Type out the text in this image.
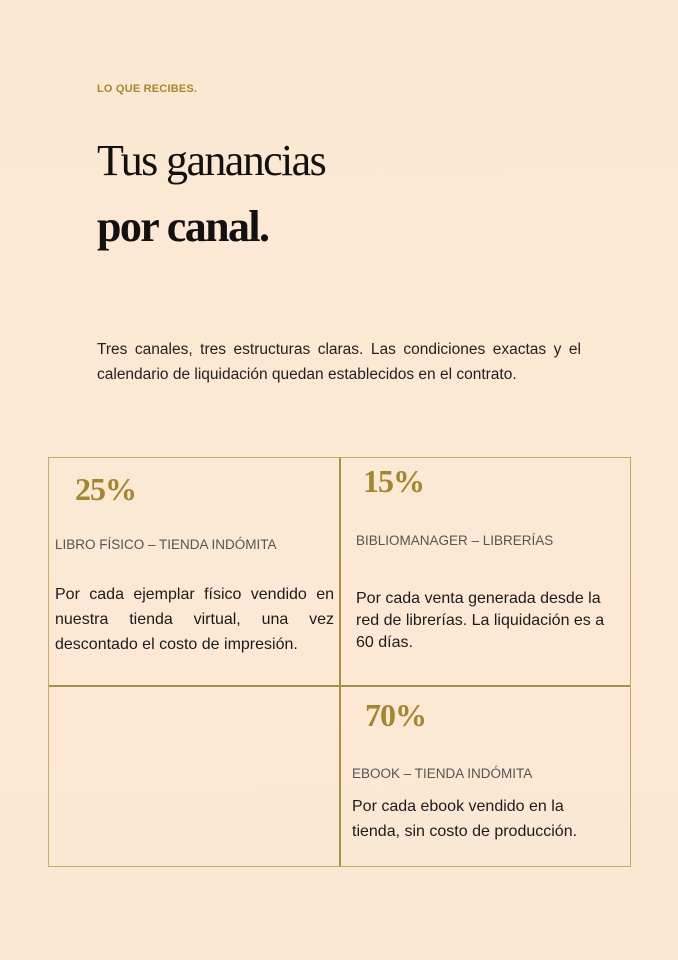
LO QUE RECIBES.
Tus ganancias
por canal.

Tres canales, tres estructuras claras. Las condiciones exactas y el calendario de liquidación quedan establecidos en el contrato.

25%
LIBRO FÍSICO – TIENDA INDÓMITA

Por cada ejemplar físico vendido en nuestra tienda virtual, una vez descontado el costo de impresión.

15%
BIBLIOMANAGER – LIBRERÍAS

Por cada venta generada desde la red de librerías. La liquidación es a 60 días.

70%
EBOOK – TIENDA INDÓMITA

Por cada ebook vendido en la tienda, sin costo de producción.
